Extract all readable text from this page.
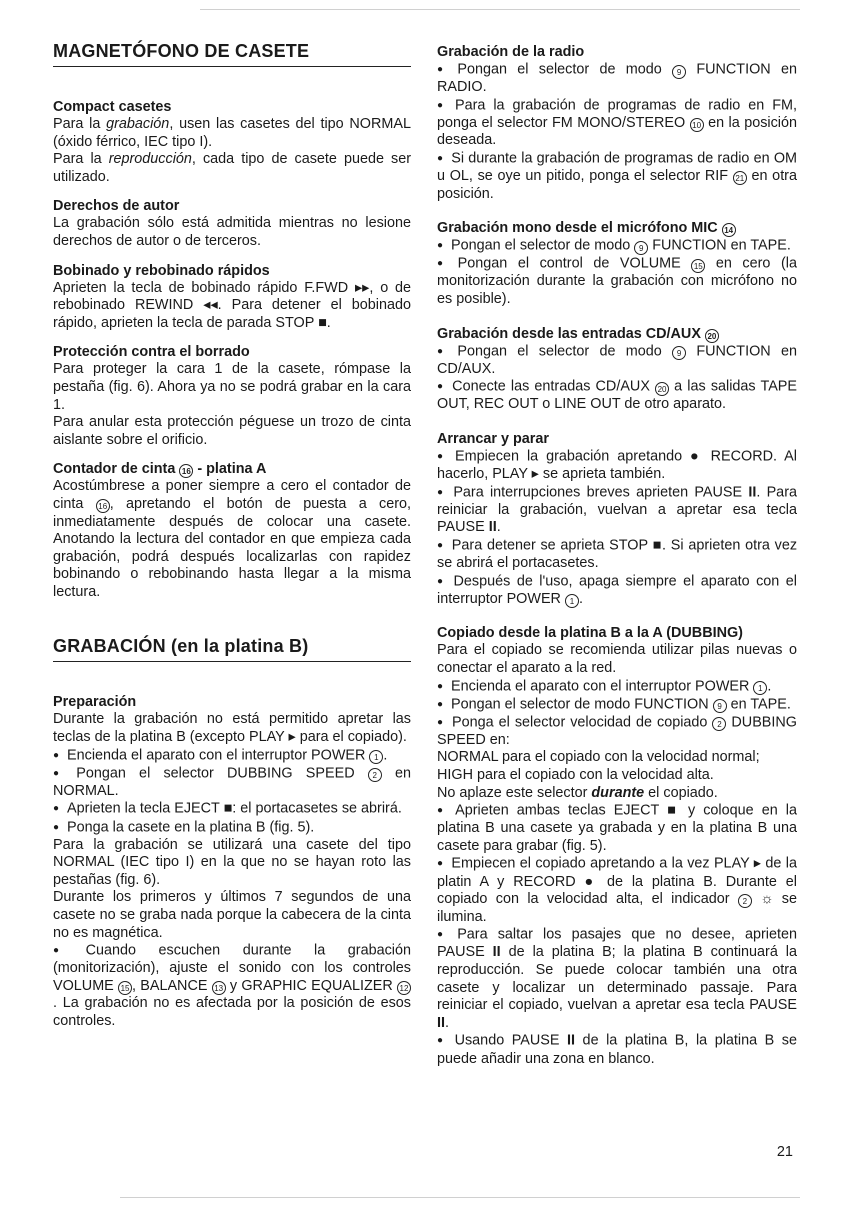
MAGNETÓFONO DE CASETE
Compact casetes

Para la grabación, usen las casetes del tipo NORMAL (óxido férrico, IEC tipo I).

Para la reproducción, cada tipo de casete puede ser utilizado.

Derechos de autor

La grabación sólo está admitida mientras no lesione derechos de autor o de terceros.

Bobinado y rebobinado rápidos

Aprieten la tecla de bobinado rápido F.FWD ▸▸, o de rebobinado REWIND ◂◂. Para detener el bobinado rápido, aprieten la tecla de parada STOP ■.

Protección contra el borrado

Para proteger la cara 1 de la casete, rómpase la pestaña (fig. 6). Ahora ya no se podrá grabar en la cara 1.

Para anular esta protección péguese un trozo de cinta aislante sobre el orificio.

Contador de cinta 16 - platina A

Acostúmbrese a poner siempre a cero el contador de cinta 16 , apretando el botón de puesta a cero, inmediatamente después de colocar una casete. Anotando la lectura del contador en que empieza cada grabación, podrá después localizarlas con rapidez bobinando o rebobinando hasta llegar a la misma lectura.

GRABACIÓN (en la platina B)
Preparación

Durante la grabación no está permitido apretar las teclas de la platina B (excepto PLAY ▸ para el copiado).

● Encienda el aparato con el interruptor POWER 1 .

● Pongan el selector DUBBING SPEED 2 en NORMAL.

● Aprieten la tecla EJECT ■: el portacasetes se abrirá.

● Ponga la casete en la platina B (fig. 5).

Para la grabación se utilizará una casete del tipo NORMAL (IEC tipo I) en la que no se hayan roto las pestañas (fig. 6).

Durante los primeros y últimos 7 segundos de una casete no se graba nada porque la cabecera de la cinta no es magnética.

● Cuando escuchen durante la grabación (monitorización), ajuste el sonido con los controles VOLUME 15 , BALANCE 13 y GRAPHIC EQUALIZER 12. La grabación no es afectada por la posición de esos controles.

Grabación de la radio

● Pongan el selector de modo 9 FUNCTION en RADIO.

● Para la grabación de programas de radio en FM, ponga el selector FM MONO/STEREO 10 en la posición deseada.

● Si durante la grabación de programas de radio en OM u OL, se oye un pitido, ponga el selector RIF 21 en otra posición.

Grabación mono desde el micrófono MIC 14

● Pongan el selector de modo 9 FUNCTION en TAPE.

● Pongan el control de VOLUME 15 en cero (la monitorización durante la grabación con micrófono no es posible).

Grabación desde las entradas CD/AUX 20

● Pongan el selector de modo 9 FUNCTION en CD/AUX.

● Conecte las entradas CD/AUX 20 a las salidas TAPE OUT, REC OUT o LINE OUT de otro aparato.

Arrancar y parar

● Empiecen la grabación apretando ● RECORD. Al hacerlo, PLAY ▸ se aprieta también.

● Para interrupciones breves aprieten PAUSE II. Para reiniciar la grabación, vuelvan a apretar esa tecla PAUSE II.

● Para detener se aprieta STOP ■. Si aprieten otra vez se abrirá el portacasetes.

● Después de l'uso, apaga siempre el aparato con el interruptor POWER 1 .

Copiado desde la platina B a la A (DUBBING)

Para el copiado se recomienda utilizar pilas nuevas o conectar el aparato a la red.

● Encienda el aparato con el interruptor POWER 1 .

● Pongan el selector de modo FUNCTION 9 en TAPE.

● Ponga el selector velocidad de copiado 2 DUBBING SPEED en:

NORMAL para el copiado con la velocidad normal;

HIGH para el copiado con la velocidad alta.

No aplaze este selector durante el copiado.

● Aprieten ambas teclas EJECT ■ y coloque en la platina B una casete ya grabada y en la platina B una casete para grabar (fig. 5).

● Empiecen el copiado apretando a la vez PLAY ▸ de la platin A y RECORD ● de la platina B. Durante el copiado con la velocidad alta, el indicador 2 ☼ se ilumina.

● Para saltar los pasajes que no desee, aprieten PAUSE II de la platina B; la platina B continuará la reproducción. Se puede colocar también una otra casete y localizar un determinado passaje. Para reiniciar el copiado, vuelvan a apretar esa tecla PAUSE II.

● Usando PAUSE II de la platina B, la platina B se puede añadir una zona en blanco.

21
